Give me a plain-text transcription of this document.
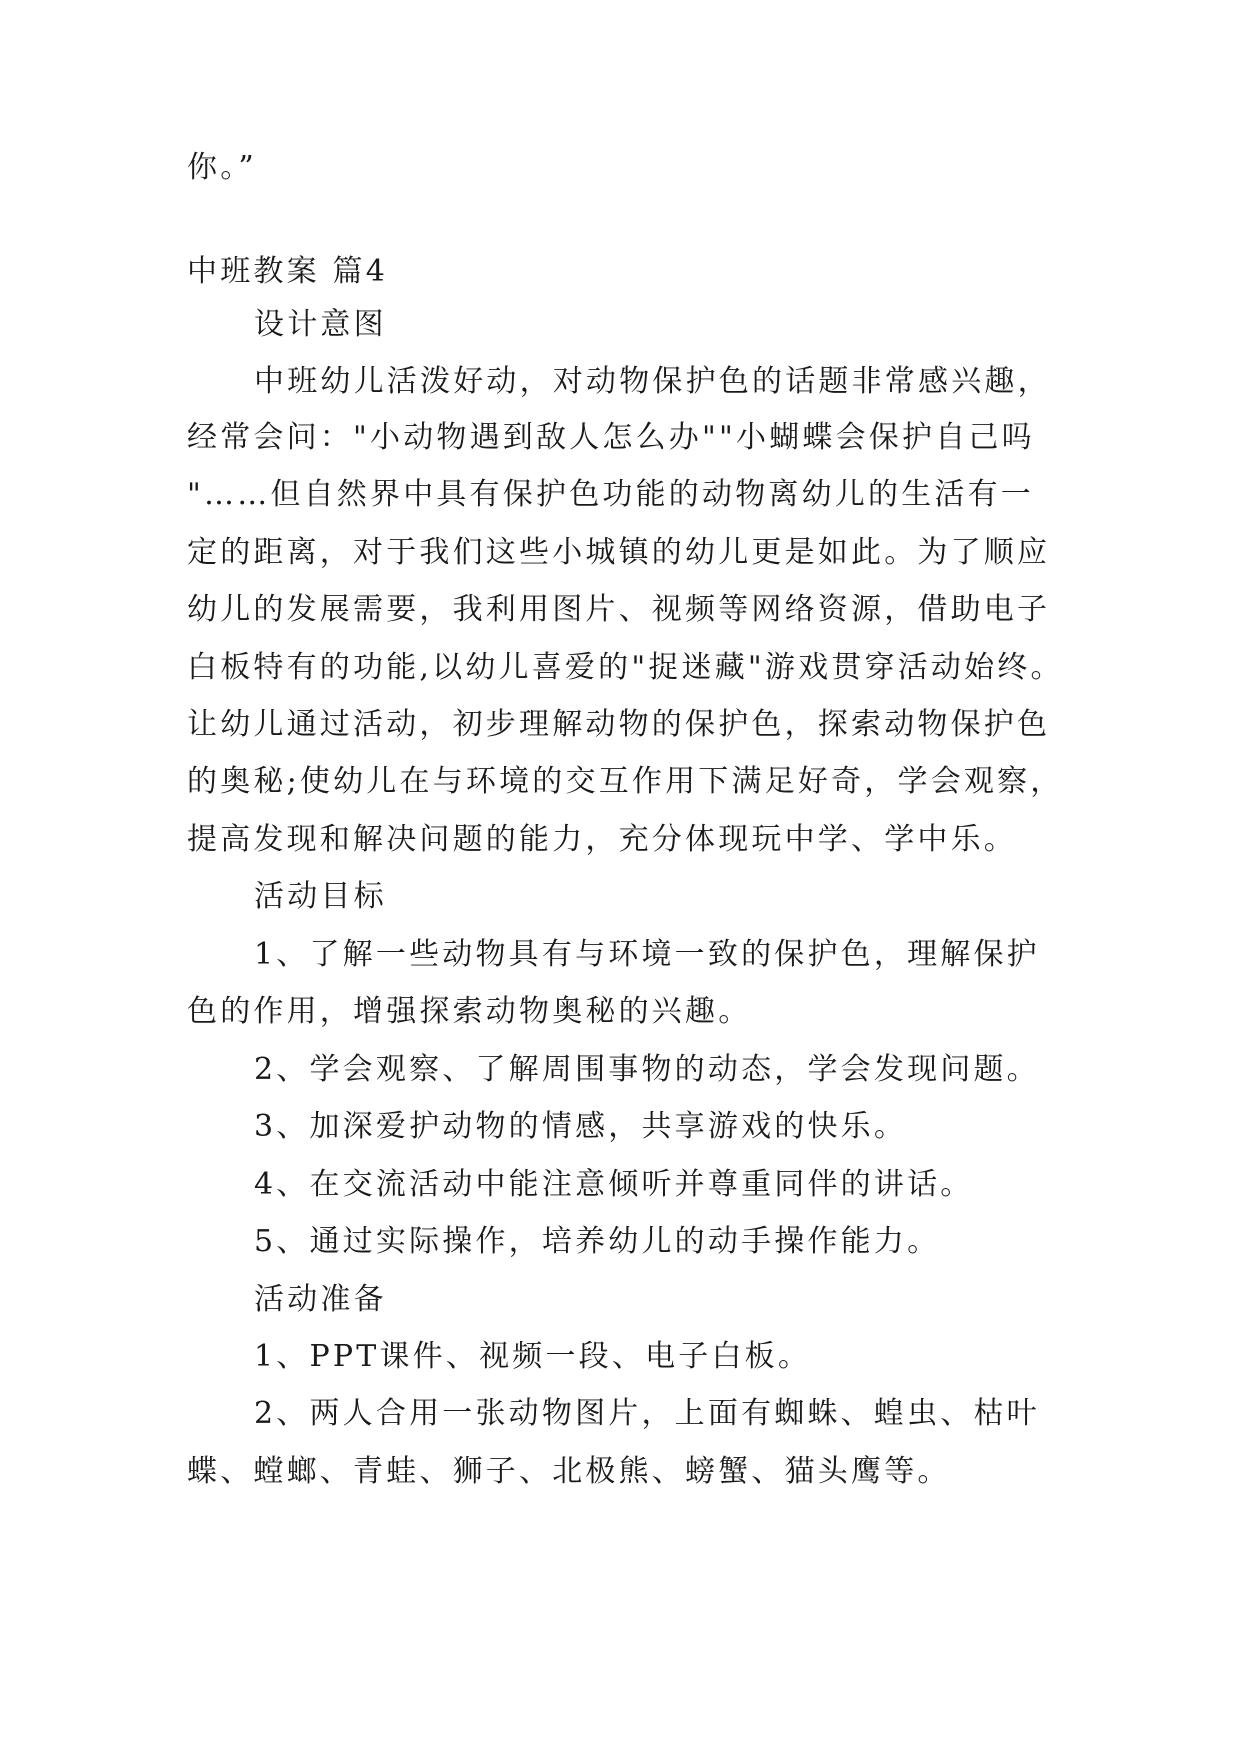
你。”
中班教案 篇4
设计意图
中班幼儿活泼好动，对动物保护色的话题非常感兴趣，
经常会问："小动物遇到敌人怎么办""小蝴蝶会保护自己吗
"……但自然界中具有保护色功能的动物离幼儿的生活有一
定的距离，对于我们这些小城镇的幼儿更是如此。为了顺应
幼儿的发展需要，我利用图片、视频等网络资源，借助电子
白板特有的功能,以幼儿喜爱的"捉迷藏"游戏贯穿活动始终。
让幼儿通过活动，初步理解动物的保护色，探索动物保护色
的奥秘;使幼儿在与环境的交互作用下满足好奇，学会观察，
提高发现和解决问题的能力，充分体现玩中学、学中乐。
活动目标
1、了解一些动物具有与环境一致的保护色，理解保护
色的作用，增强探索动物奥秘的兴趣。
2、学会观察、了解周围事物的动态，学会发现问题。
3、加深爱护动物的情感，共享游戏的快乐。
4、在交流活动中能注意倾听并尊重同伴的讲话。
5、通过实际操作，培养幼儿的动手操作能力。
活动准备
1、PPT课件、视频一段、电子白板。
2、两人合用一张动物图片，上面有蜘蛛、蝗虫、枯叶
蝶、螳螂、青蛙、狮子、北极熊、螃蟹、猫头鹰等。
